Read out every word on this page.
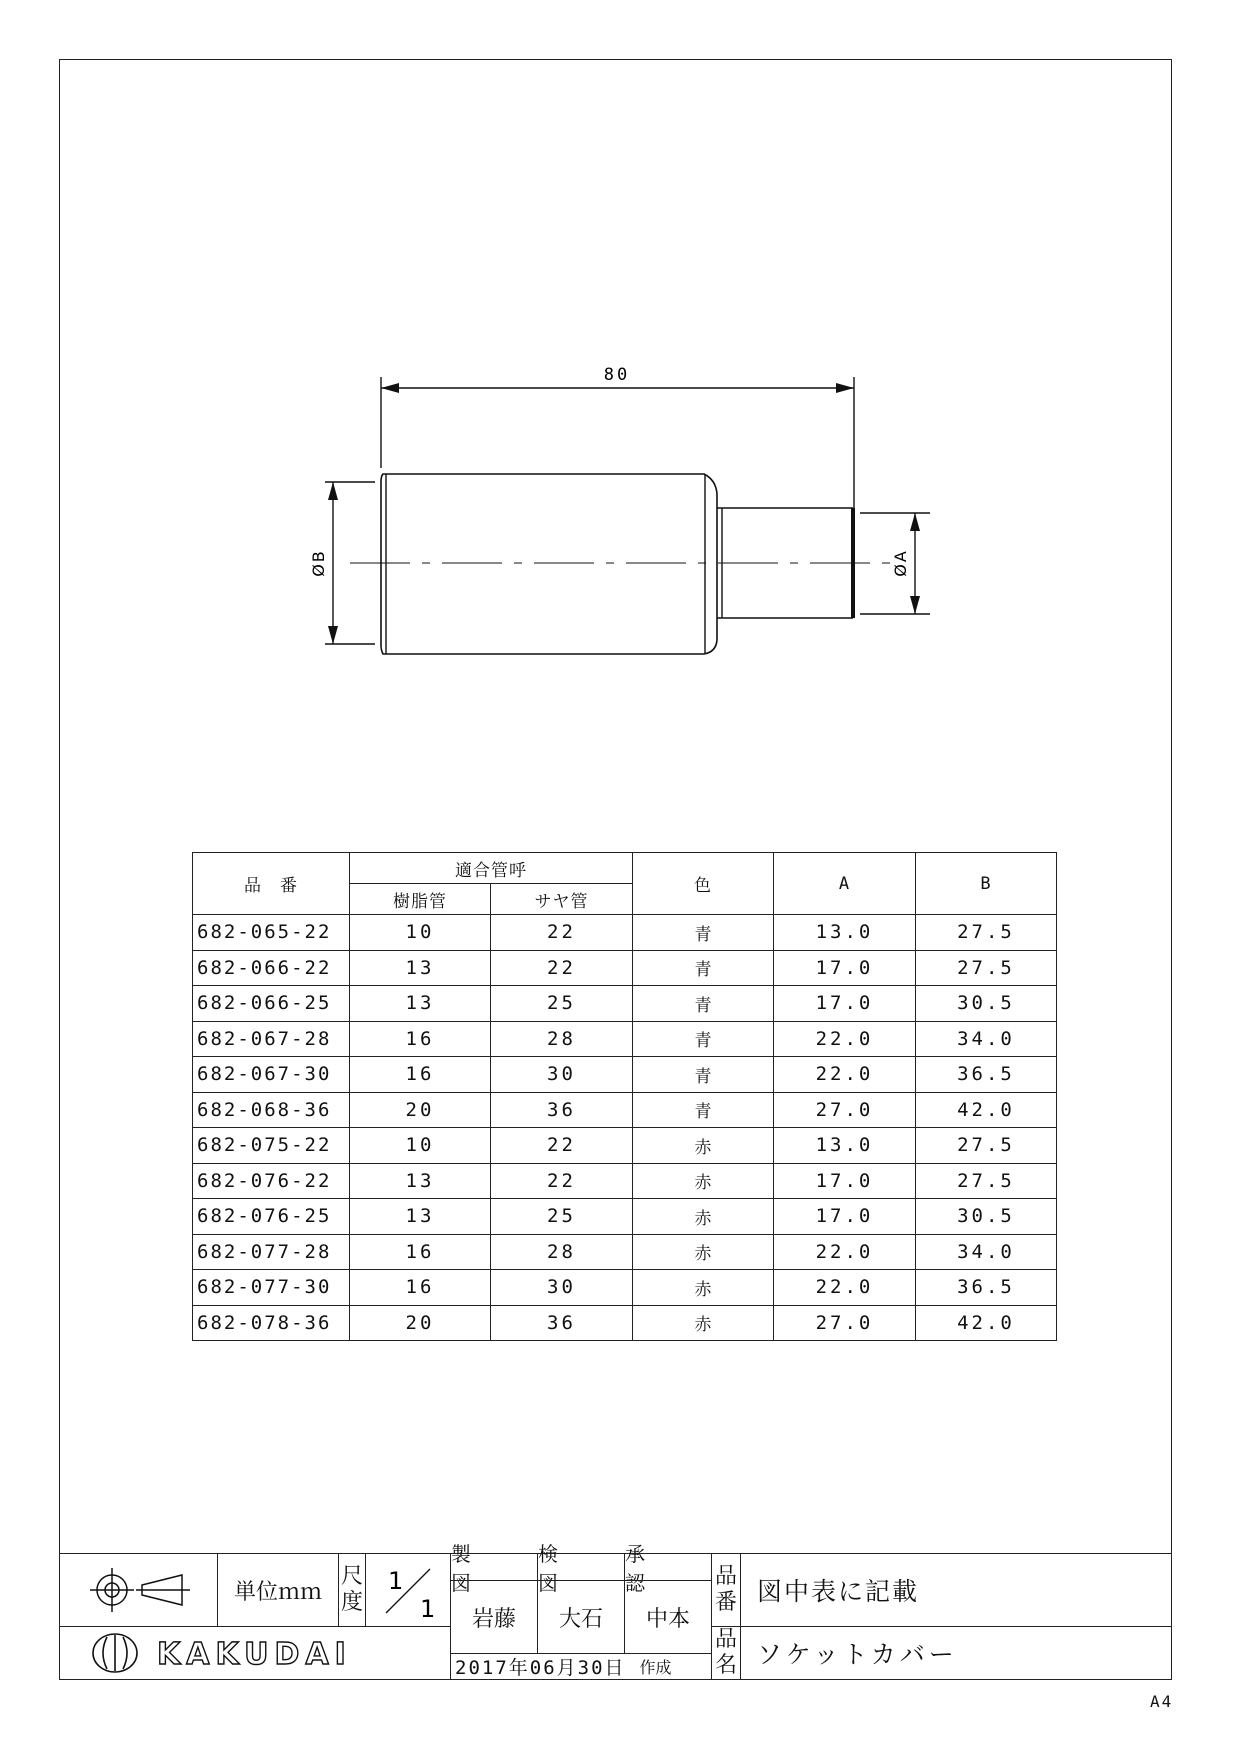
80
ØB	ØA
品　番	適合管呼		色	A	B
	樹脂管	サヤ管			
682-065-22	10	22	青	13.0	27.5
682-066-22	13	22	青	17.0	27.5
682-066-25	13	25	青	17.0	30.5
682-067-28	16	28	青	22.0	34.0
682-067-30	16	30	青	22.0	36.5
682-068-36	20	36	青	27.0	42.0
682-075-22	10	22	赤	13.0	27.5
682-076-22	13	22	赤	17.0	27.5
682-076-25	13	25	赤	17.0	30.5
682-077-28	16	28	赤	22.0	34.0
682-077-30	16	30	赤	22.0	36.5
682-078-36	20	36	赤	27.0	42.0
単位ｍｍ
尺
度
1
1
KAKUDAI
製　図
検　図
承　認
岩藤 大石 中本
2017年06月30日 作成
品
番 図中表に記載
品
名 ソケットカバー
A4
